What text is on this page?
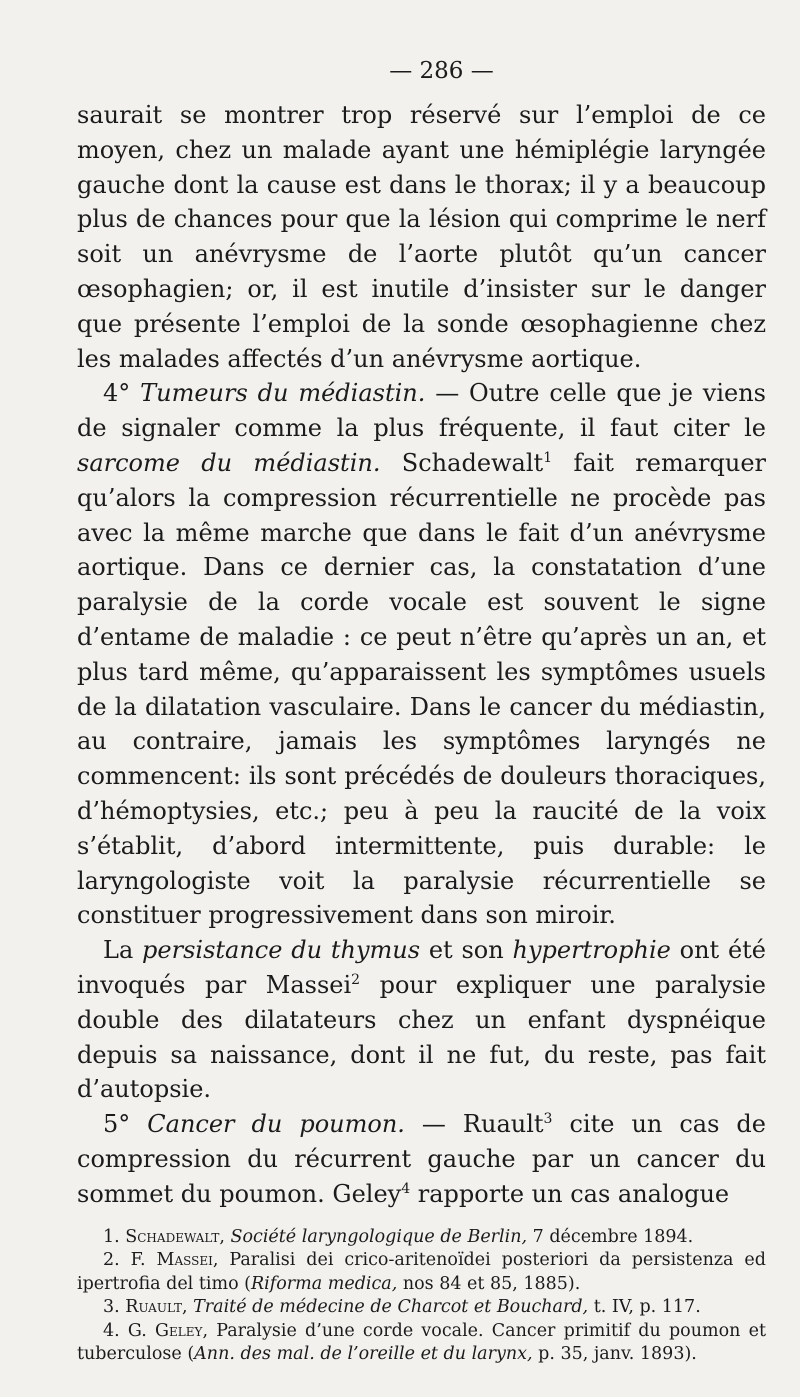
— 286 —

saurait se montrer trop réservé sur l’emploi de ce moyen, chez un malade ayant une hémiplégie laryngée gauche dont la cause est dans le thorax; il y a beaucoup plus de chances pour que la lésion qui comprime le nerf soit un anévrysme de l’aorte plutôt qu’un cancer œsophagien; or, il est inutile d’insister sur le danger que présente l’emploi de la sonde œsophagienne chez les malades affectés d’un anévrysme aortique.

4° Tumeurs du médiastin. — Outre celle que je viens de signaler comme la plus fréquente, il faut citer le sarcome du médiastin. Schadewalt$^1$ fait remarquer qu’alors la compression récurrentielle ne procède pas avec la même marche que dans le fait d’un anévrysme aortique. Dans ce dernier cas, la constatation d’une paralysie de la corde vocale est souvent le signe d’entame de maladie : ce peut n’être qu’après un an, et plus tard même, qu’apparaissent les symptômes usuels de la dilatation vasculaire. Dans le cancer du médiastin, au contraire, jamais les symptômes laryngés ne commencent: ils sont précédés de douleurs thoraciques, d’hémoptysies, etc.; peu à peu la raucité de la voix s’établit, d’abord intermittente, puis durable: le laryngologiste voit la paralysie récurrentielle se constituer progressivement dans son miroir.

La persistance du thymus et son hypertrophie ont été invoqués par Massei$^2$ pour expliquer une paralysie double des dilatateurs chez un enfant dyspnéique depuis sa naissance, dont il ne fut, du reste, pas fait d’autopsie.

5° Cancer du poumon. — Ruault$^3$ cite un cas de compression du récurrent gauche par un cancer du sommet du poumon. Geley$^4$ rapporte un cas analogue

1. Schadewalt, Société laryngologique de Berlin, 7 décembre 1894.

2. F. Massei, Paralisi dei crico-aritenoïdei posteriori da persistenza ed ipertrofia del timo (Riforma medica, nos 84 et 85, 1885).

3. Ruault, Traité de médecine de Charcot et Bouchard, t. IV, p. 117.

4. G. Geley, Paralysie d’une corde vocale. Cancer primitif du poumon et tuberculose (Ann. des mal. de l’oreille et du larynx, p. 35, janv. 1893).
